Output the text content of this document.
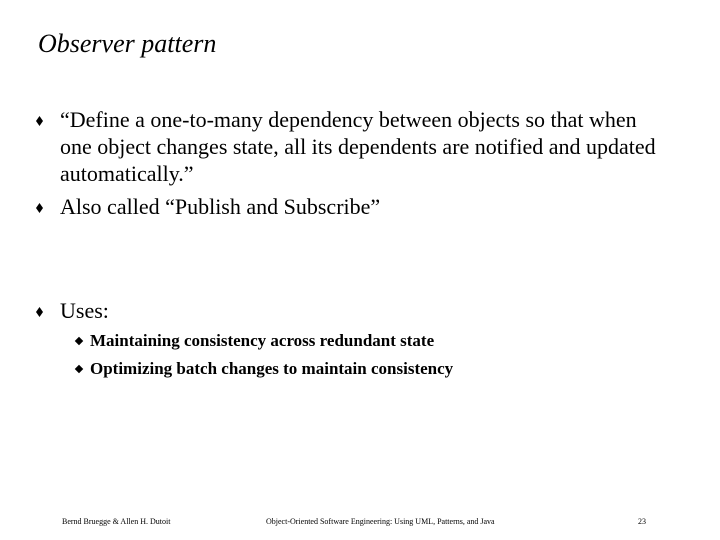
Observer pattern
“Define a one-to-many dependency between objects so that when one object changes state, all its dependents are notified and updated automatically.”
Also called “Publish and Subscribe”
Uses:
Maintaining consistency across redundant state
Optimizing batch changes to maintain consistency
Bernd Bruegge & Allen H. Dutoit	Object-Oriented Software Engineering: Using UML, Patterns, and Java	23
